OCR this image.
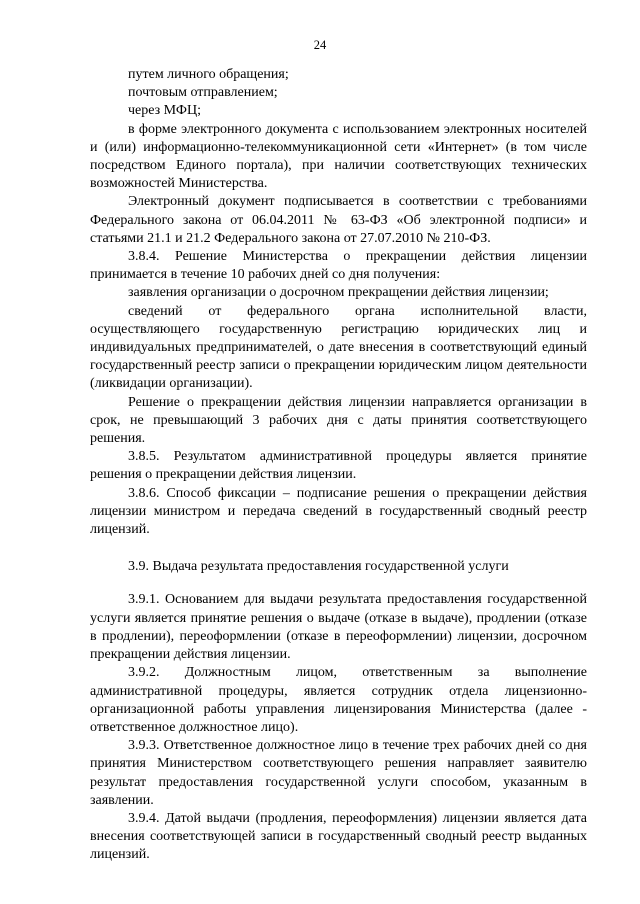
24

путем личного обращения;

почтовым отправлением;

через МФЦ;

в форме электронного документа с использованием электронных носителей и (или) информационно-телекоммуникационной сети «Интернет» (в том числе посредством Единого портала), при наличии соответствующих технических возможностей Министерства.

Электронный документ подписывается в соответствии с требованиями Федерального закона от 06.04.2011 № 63-ФЗ «Об электронной подписи» и статьями 21.1 и 21.2 Федерального закона от 27.07.2010 № 210-ФЗ.

3.8.4. Решение Министерства о прекращении действия лицензии принимается в течение 10 рабочих дней со дня получения:

заявления организации о досрочном прекращении действия лицензии;

сведений от федерального органа исполнительной власти, осуществляющего государственную регистрацию юридических лиц и индивидуальных предпринимателей, о дате внесения в соответствующий единый государственный реестр записи о прекращении юридическим лицом деятельности (ликвидации организации).

Решение о прекращении действия лицензии направляется организации в срок, не превышающий 3 рабочих дня с даты принятия соответствующего решения.

3.8.5. Результатом административной процедуры является принятие решения о прекращении действия лицензии.

3.8.6. Способ фиксации – подписание решения о прекращении действия лицензии министром и передача сведений в государственный сводный реестр лицензий.

3.9. Выдача результата предоставления государственной услуги

3.9.1. Основанием для выдачи результата предоставления государственной услуги является принятие решения о выдаче (отказе в выдаче), продлении (отказе в продлении), переоформлении (отказе в переоформлении) лицензии, досрочном прекращении действия лицензии.

3.9.2. Должностным лицом, ответственным за выполнение административной процедуры, является сотрудник отдела лицензионно-организационной работы управления лицензирования Министерства (далее - ответственное должностное лицо).

3.9.3. Ответственное должностное лицо в течение трех рабочих дней со дня принятия Министерством соответствующего решения направляет заявителю результат предоставления государственной услуги способом, указанным в заявлении.

3.9.4. Датой выдачи (продления, переоформления) лицензии является дата внесения соответствующей записи в государственный сводный реестр выданных лицензий.
